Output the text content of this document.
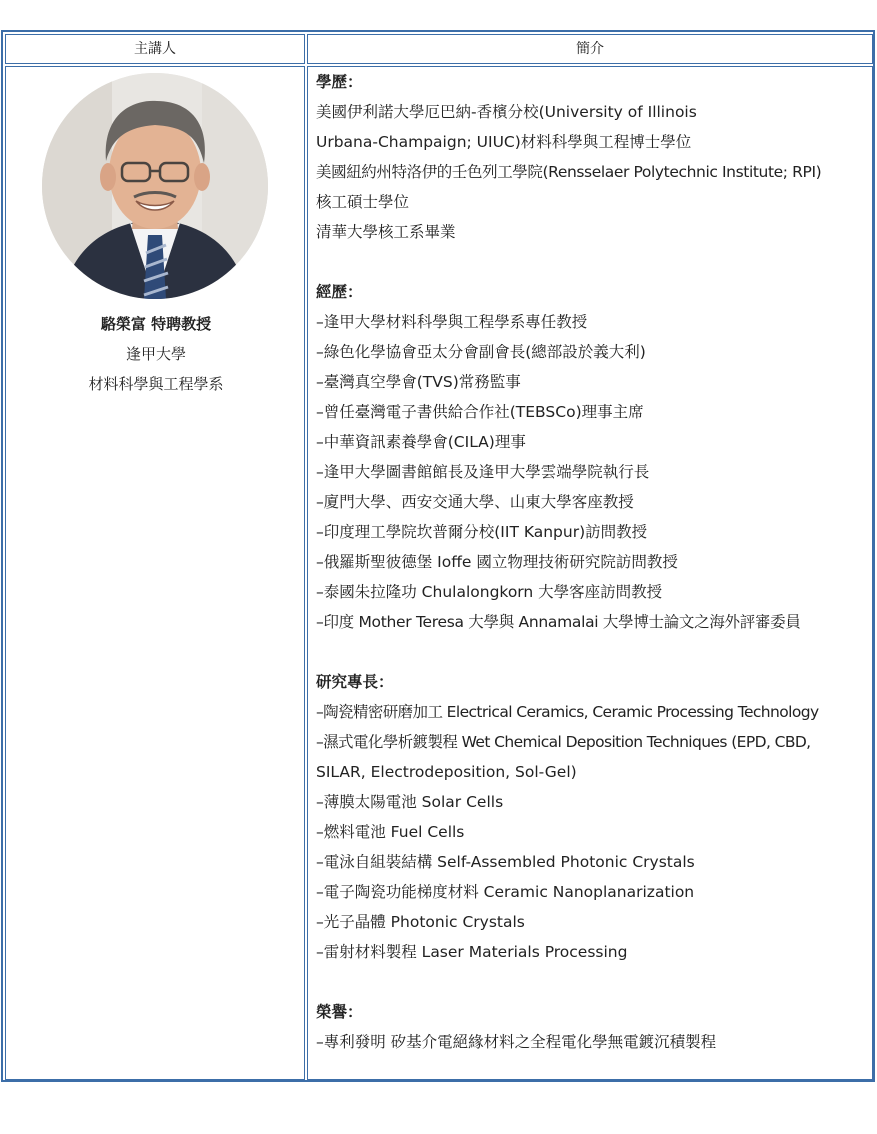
主講人	簡介
駱榮富 特聘教授
逢甲大學
材料科學與工程學系
學歷：
美國伊利諾大學厄巴納-香檳分校(University of Illinois
Urbana-Champaign; UIUC)材料科學與工程博士學位
美國紐約州特洛伊的壬色列工學院(Rensselaer Polytechnic Institute; RPI)
核工碩士學位
清華大學核工系畢業
經歷：
–逢甲大學材料科學與工程學系專任教授
–綠色化學協會亞太分會副會長(總部設於義大利)
–臺灣真空學會(TVS)常務監事
–曾任臺灣電子書供給合作社(TEBSCo)理事主席
–中華資訊素養學會(CILA)理事
–逢甲大學圖書館館長及逢甲大學雲端學院執行長
–廈門大學、西安交通大學、山東大學客座教授
–印度理工學院坎普爾分校(IIT Kanpur)訪問教授
–俄羅斯聖彼德堡 Ioffe 國立物理技術研究院訪問教授
–泰國朱拉隆功 Chulalongkorn 大學客座訪問教授
–印度 Mother Teresa 大學與 Annamalai 大學博士論文之海外評審委員
研究專長：
–陶瓷精密研磨加工 Electrical Ceramics, Ceramic Processing Technology
–濕式電化學析鍍製程 Wet Chemical Deposition Techniques (EPD, CBD,
SILAR, Electrodeposition, Sol-Gel)
–薄膜太陽電池 Solar Cells
–燃料電池 Fuel Cells
–電泳自組裝結構 Self-Assembled Photonic Crystals
–電子陶瓷功能梯度材料 Ceramic Nanoplanarization
–光子晶體 Photonic Crystals
–雷射材料製程 Laser Materials Processing
榮譽：
–專利發明 矽基介電絕緣材料之全程電化學無電鍍沉積製程
